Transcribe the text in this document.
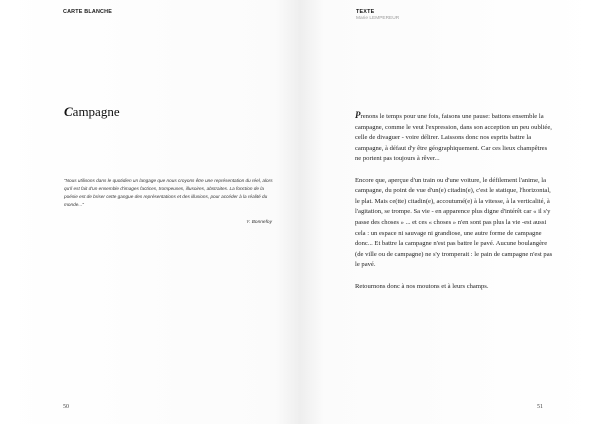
CARTE BLANCHE
Campagne
"Nous utilisons dans le quotidien un langage que nous croyons être une représentation du réel, alors qu'il est fait d'un ensemble d'images factices, trompeuses, illusoires, abstraites. La fonction de la poésie est de briser cette gangue des représentations et des illusions, pour accéder à la réalité du monde..."
Y. Bonnefoy
50
TEXTE
Marie LEMPEREUR

Prenons le temps pour une fois, faisons une pause: battons ensemble la campagne, comme le veut l'expression, dans son acception un peu oubliée, celle de divaguer - voire délirer. Laissons donc nos esprits battre la campagne, à défaut d'y être géographiquement. Car ces lieux champêtres ne portent pas toujours à rêver...

Encore que, aperçue d'un train ou d'une voiture, le défilement l'anime, la campagne, du point de vue d'un(e) citadin(e), c'est le statique, l'horizontal, le plat. Mais ce(tte) citadin(e), accoutumé(e) à la vitesse, à la verticalité, à l'agitation, se trompe. Sa vie - en apparence plus digne d'intérêt car « il s'y passe des choses » ... et ces « choses » n'en sont pas plus la vie -est aussi cela : un espace ni sauvage ni grandiose, une autre forme de campagne donc... Et battre la campagne n'est pas battre le pavé. Aucune boulangère (de ville ou de campagne) ne s'y tromperait : le pain de campagne n'est pas le pavé.

Retournons donc à nos moutons et à leurs champs.

51
